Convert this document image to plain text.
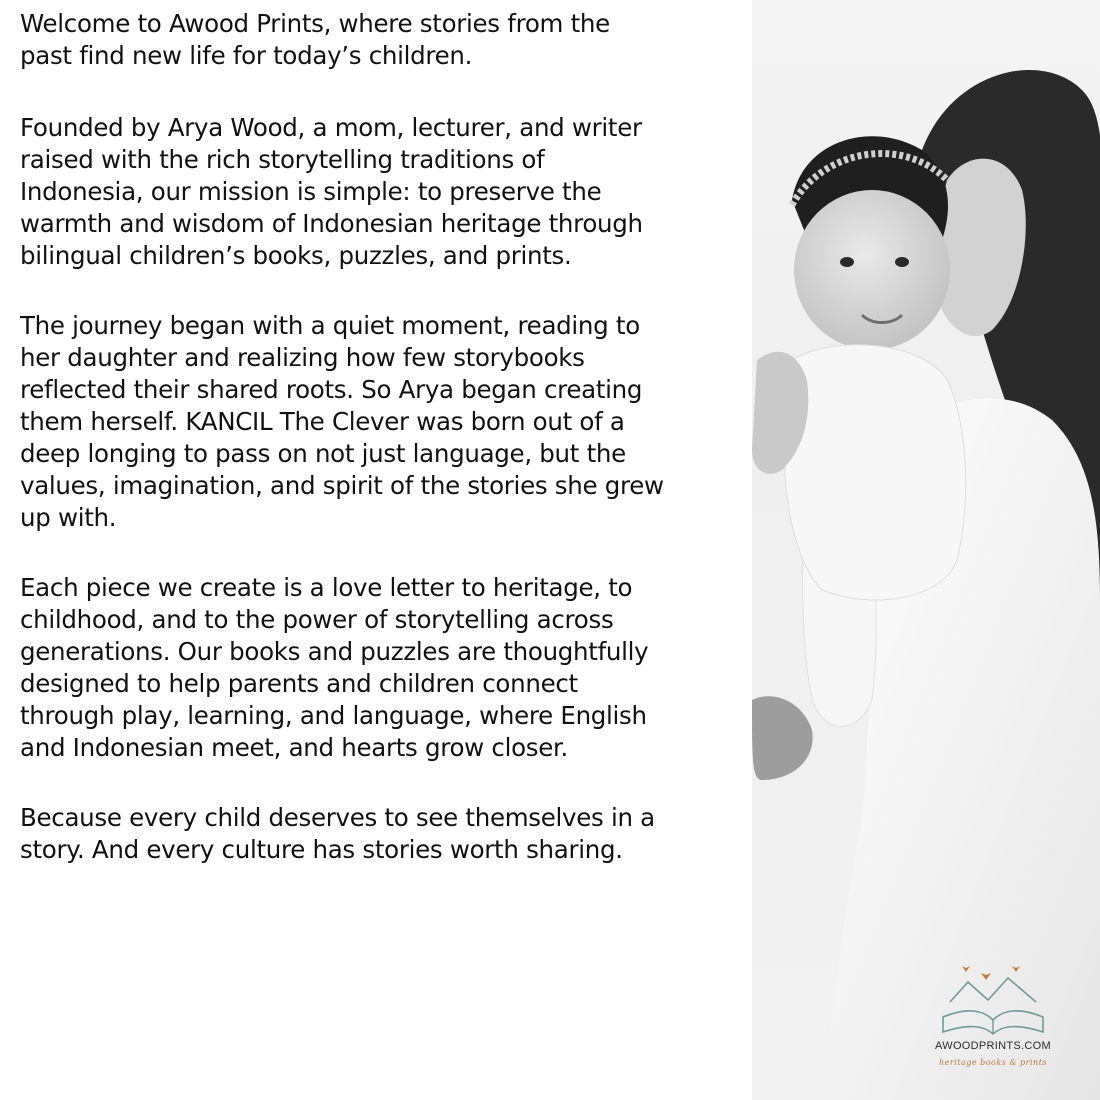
Welcome to Awood Prints, where stories from the
past find new life for today’s children.

Founded by Arya Wood, a mom, lecturer, and writer
raised with the rich storytelling traditions of
Indonesia, our mission is simple: to preserve the
warmth and wisdom of Indonesian heritage through
bilingual children’s books, puzzles, and prints.

The journey began with a quiet moment, reading to
her daughter and realizing how few storybooks
reflected their shared roots. So Arya began creating
them herself. KANCIL The Clever was born out of a
deep longing to pass on not just language, but the
values, imagination, and spirit of the stories she grew
up with.

Each piece we create is a love letter to heritage, to
childhood, and to the power of storytelling across
generations. Our books and puzzles are thoughtfully
designed to help parents and children connect
through play, learning, and language, where English
and Indonesian meet, and hearts grow closer.

Because every child deserves to see themselves in a
story. And every culture has stories worth sharing.

AWOODPRINTS.COM
heritage books & prints
